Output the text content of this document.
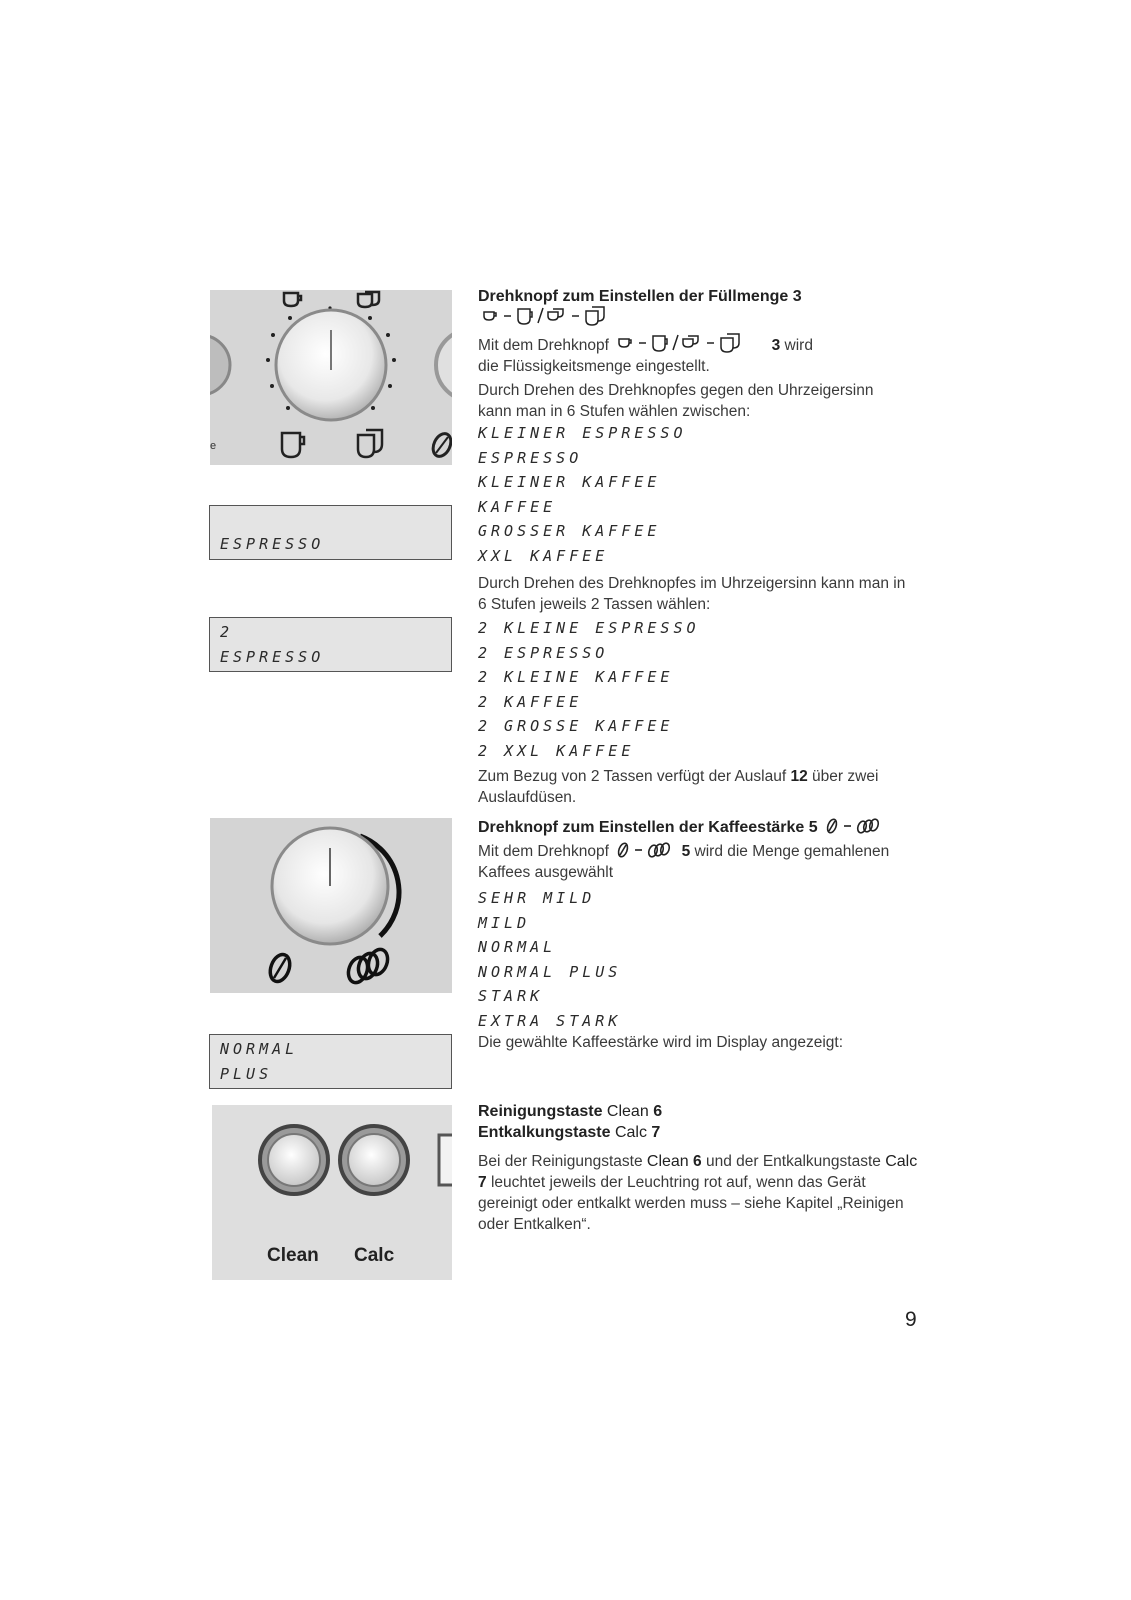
e
ESPRESSO
2
ESPRESSO
NORMAL
PLUS
Clean Calc
Drehknopf zum Einstellen der Füllmenge 3
Mit dem Drehknopf	3 wird
die Flüssigkeitsmenge eingestellt.
Durch Drehen des Drehknopfes gegen den Uhrzeigersinn kann man in 6 Stufen wählen zwischen:
KLEINER ESPRESSO
ESPRESSO
KLEINER KAFFEE
KAFFEE
GROSSER KAFFEE
XXL KAFFEE
Durch Drehen des Drehknopfes im Uhrzeigersinn kann man in 6 Stufen jeweils 2 Tassen wählen:
2 KLEINE ESPRESSO
2 ESPRESSO
2 KLEINE KAFFEE
2 KAFFEE
2 GROSSE KAFFEE
2 XXL KAFFEE
Zum Bezug von 2 Tassen verfügt der Auslauf 12 über zwei Auslaufdüsen.
Drehknopf zum Einstellen der Kaffeestärke 5
Mit dem Drehknopf	5 wird die Menge gemahlenen Kaffees ausgewählt
SEHR MILD
MILD
NORMAL
NORMAL PLUS
STARK
EXTRA STARK
Die gewählte Kaffeestärke wird im Display angezeigt:
Reinigungstaste Clean 6
Entkalkungstaste Calc 7
Bei der Reinigungstaste Clean 6 und der Entkalkungstaste Calc 7 leuchtet jeweils der Leuchtring rot auf, wenn das Gerät gereinigt oder entkalkt werden muss – siehe Kapitel „Reinigen oder Entkalken“.
9
